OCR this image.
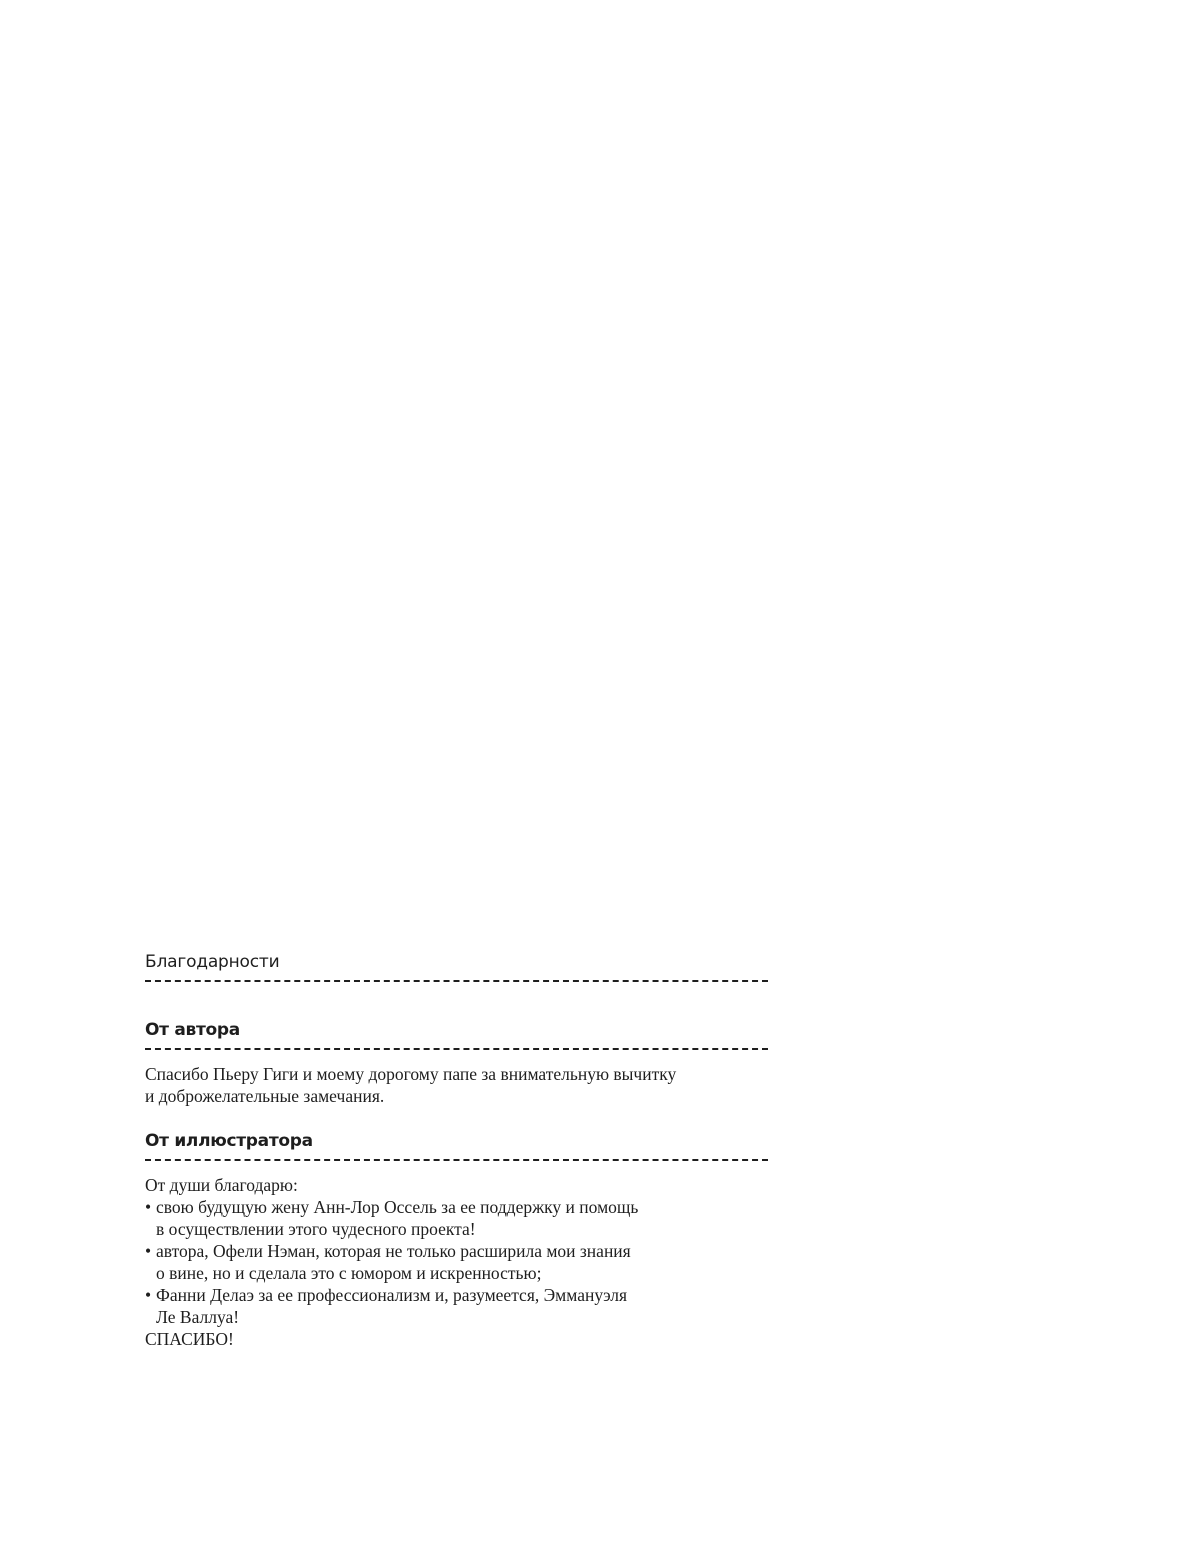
Благодарности
От автора

Спасибо Пьеру Гиги и моему дорогому папе за внимательную вычитку
и доброжелательные замечания.

От иллюстратора

От души благодарю:

• свою будущую жену Анн-Лор Оссель за ее поддержку и помощь
в осуществлении этого чудесного проекта!
• автора, Офели Нэман, которая не только расширила мои знания
о вине, но и сделала это с юмором и искренностью;
• Фанни Делаэ за ее профессионализм и, разумеется, Эммануэля
Ле Валлуа!

СПАСИБО!
